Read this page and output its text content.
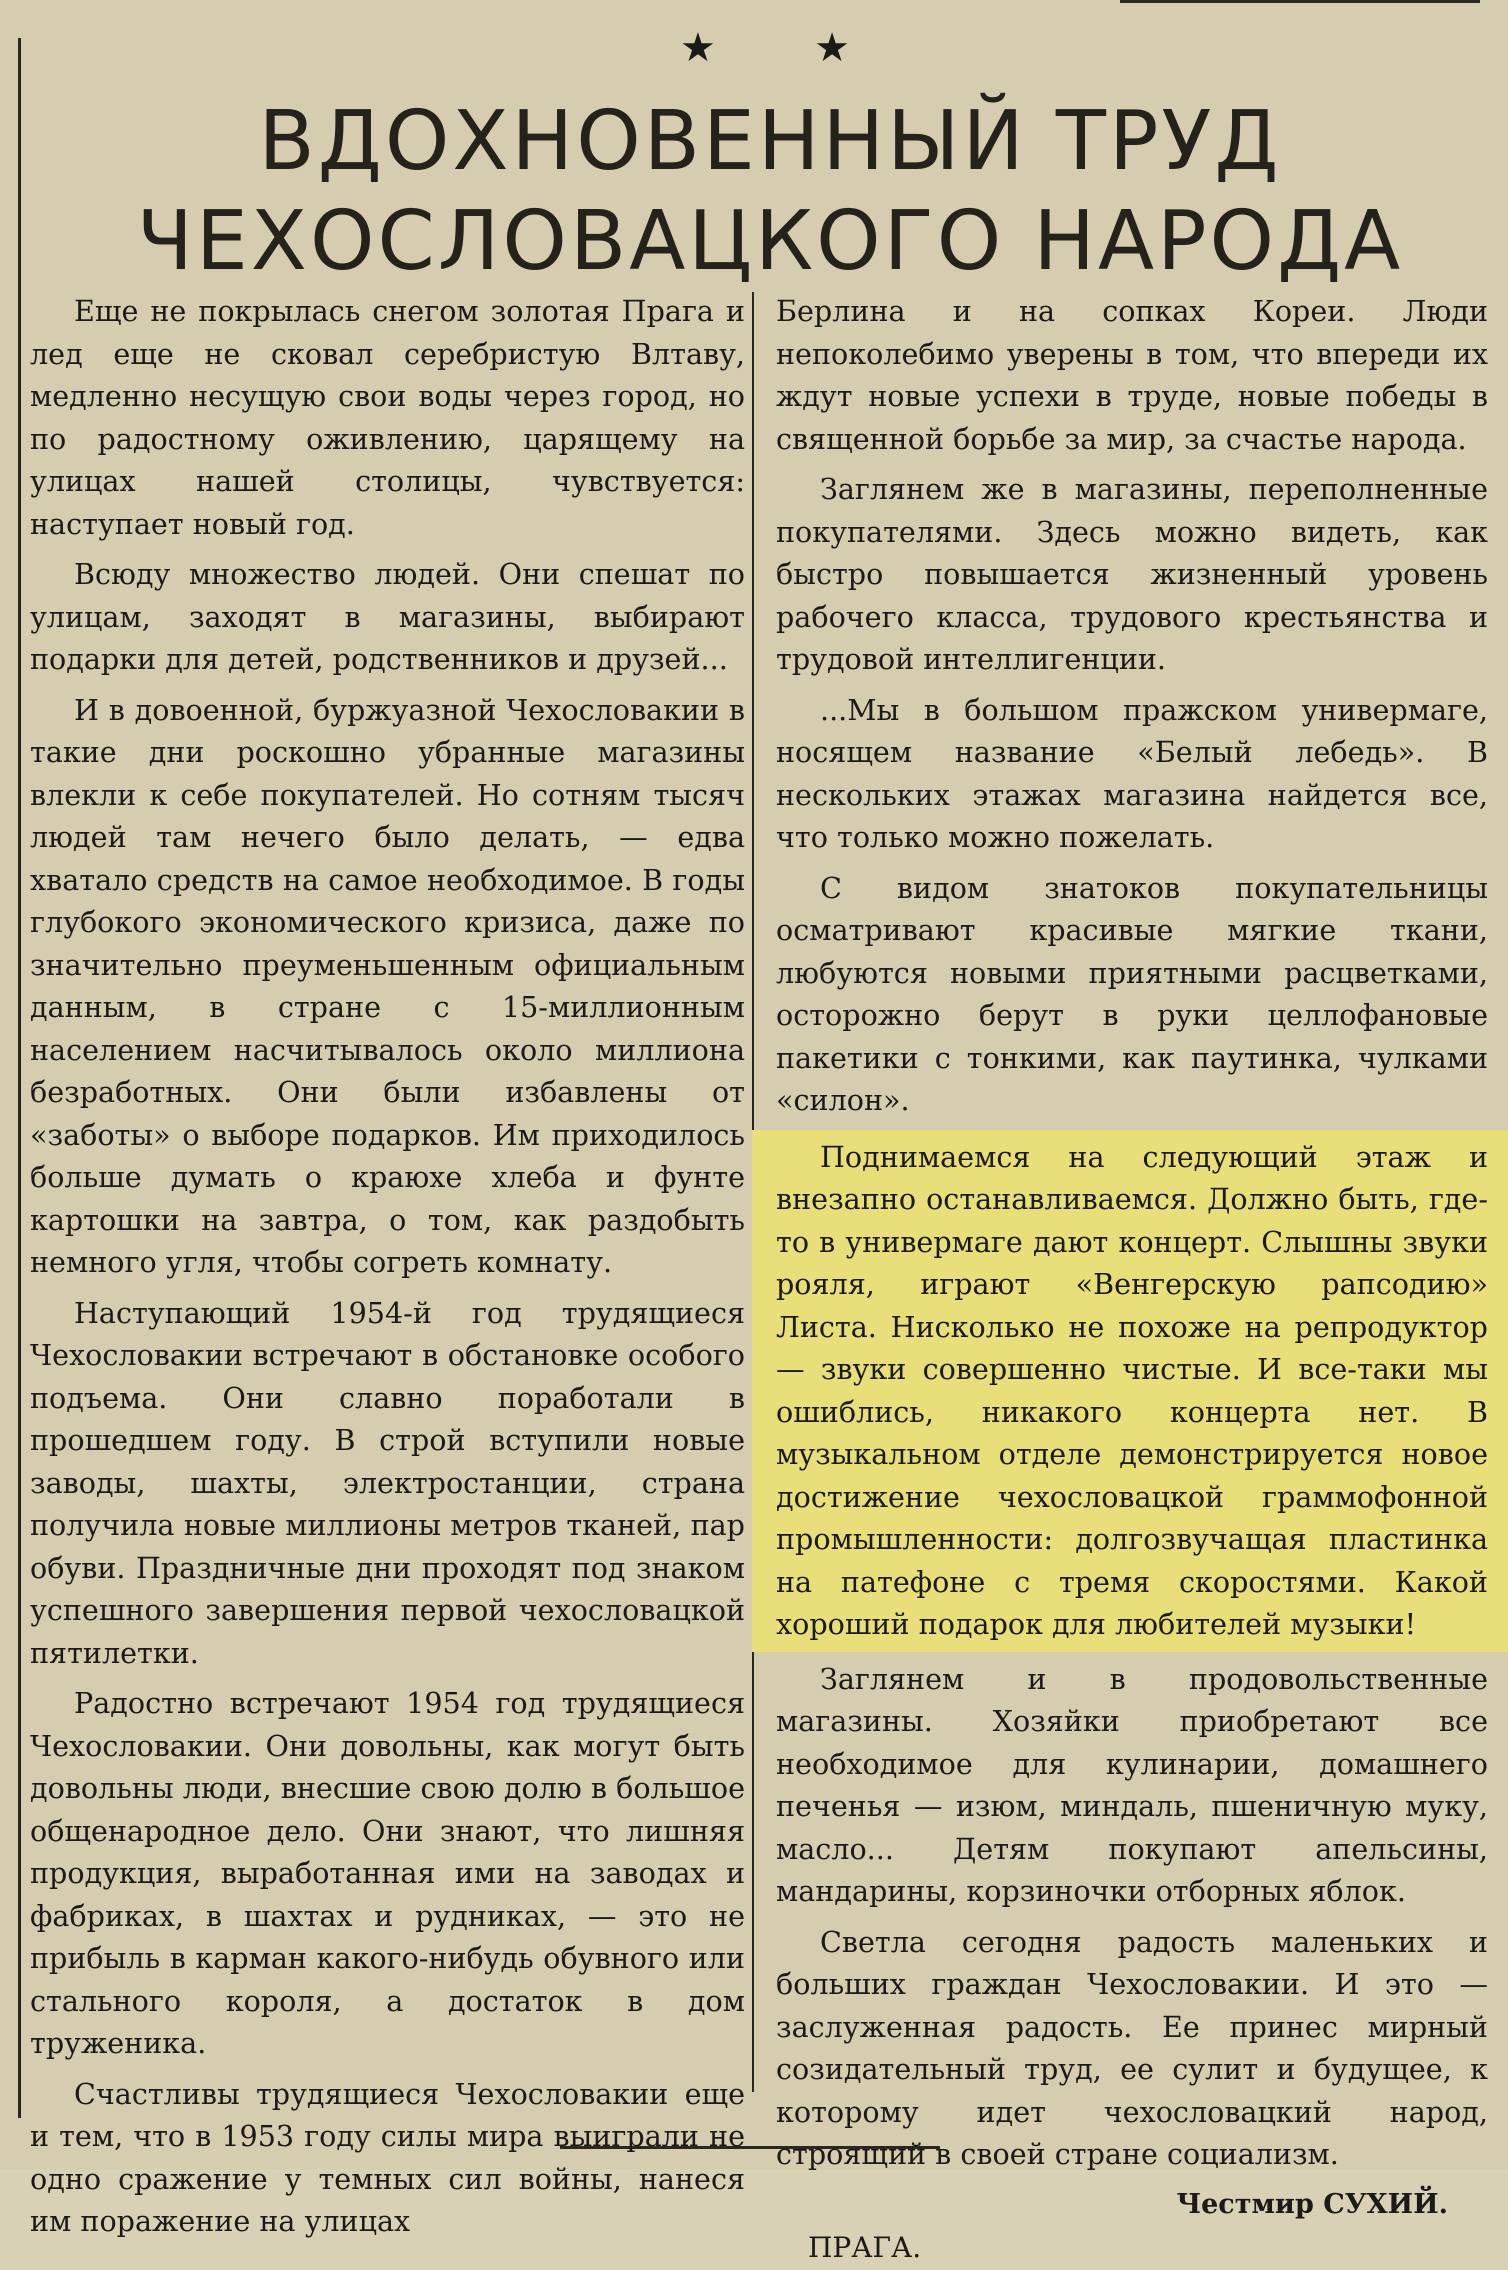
★ ★
ВДОХНОВЕННЫЙ ТРУД
ЧЕХОСЛОВАЦКОГО НАРОДА

Еще не покрылась снегом золотая Прага и лед еще не сковал серебристую Влтаву, медленно несущую свои воды через город, но по радостному оживлению, царящему на улицах нашей столицы, чувствуется: наступает новый год.

Всюду множество людей. Они спешат по улицам, заходят в магазины, выбирают подарки для детей, родственников и друзей...

И в довоенной, буржуазной Чехословакии в такие дни роскошно убранные магазины влекли к себе покупателей. Но сотням тысяч людей там нечего было делать, — едва хватало средств на самое необходимое. В годы глубокого экономического кризиса, даже по значительно преуменьшенным официальным данным, в стране с 15-миллионным населением насчитывалось около миллиона безработных. Они были избавлены от «заботы» о выборе подарков. Им приходилось больше думать о краюхе хлеба и фунте картошки на завтра, о том, как раздобыть немного угля, чтобы согреть комнату.

Наступающий 1954-й год трудящиеся Чехословакии встречают в обстановке особого подъема. Они славно поработали в прошедшем году. В строй вступили новые заводы, шахты, электростанции, страна получила новые миллионы метров тканей, пар обуви. Праздничные дни проходят под знаком успешного завершения первой чехословацкой пятилетки.

Радостно встречают 1954 год трудящиеся Чехословакии. Они довольны, как могут быть довольны люди, внесшие свою долю в большое общенародное дело. Они знают, что лишняя продукция, выработанная ими на заводах и фабриках, в шахтах и рудниках, — это не прибыль в карман какого-нибудь обувного или стального короля, а достаток в дом труженика.

Счастливы трудящиеся Чехословакии еще и тем, что в 1953 году силы мира выиграли не одно сражение у темных сил войны, нанеся им поражение на улицах

Берлина и на сопках Кореи. Люди непоколебимо уверены в том, что впереди их ждут новые успехи в труде, новые победы в священной борьбе за мир, за счастье народа.

Заглянем же в магазины, переполненные покупателями. Здесь можно видеть, как быстро повышается жизненный уровень рабочего класса, трудового крестьянства и трудовой интеллигенции.

...Мы в большом пражском универмаге, носящем название «Белый лебедь». В нескольких этажах магазина найдется все, что только можно пожелать.

С видом знатоков покупательницы осматривают красивые мягкие ткани, любуются новыми приятными расцветками, осторожно берут в руки целлофановые пакетики с тонкими, как паутинка, чулками «силон».

Поднимаемся на следующий этаж и внезапно останавливаемся. Должно быть, где-то в универмаге дают концерт. Слышны звуки рояля, играют «Венгерскую рапсодию» Листа. Нисколько не похоже на репродуктор — звуки совершенно чистые. И все-таки мы ошиблись, никакого концерта нет. В музыкальном отделе демонстрируется новое достижение чехословацкой граммофонной промышленности: долгозвучащая пластинка на патефоне с тремя скоростями. Какой хороший подарок для любителей музыки!

Заглянем и в продовольственные магазины. Хозяйки приобретают все необходимое для кулинарии, домашнего печенья — изюм, миндаль, пшеничную муку, масло... Детям покупают апельсины, мандарины, корзиночки отборных яблок.

Светла сегодня радость маленьких и больших граждан Чехословакии. И это — заслуженная радость. Ее принес мирный созидательный труд, ее сулит и будущее, к которому идет чехословацкий народ, строящий в своей стране социализм.

Честмир СУХИЙ.
ПРАГА.
